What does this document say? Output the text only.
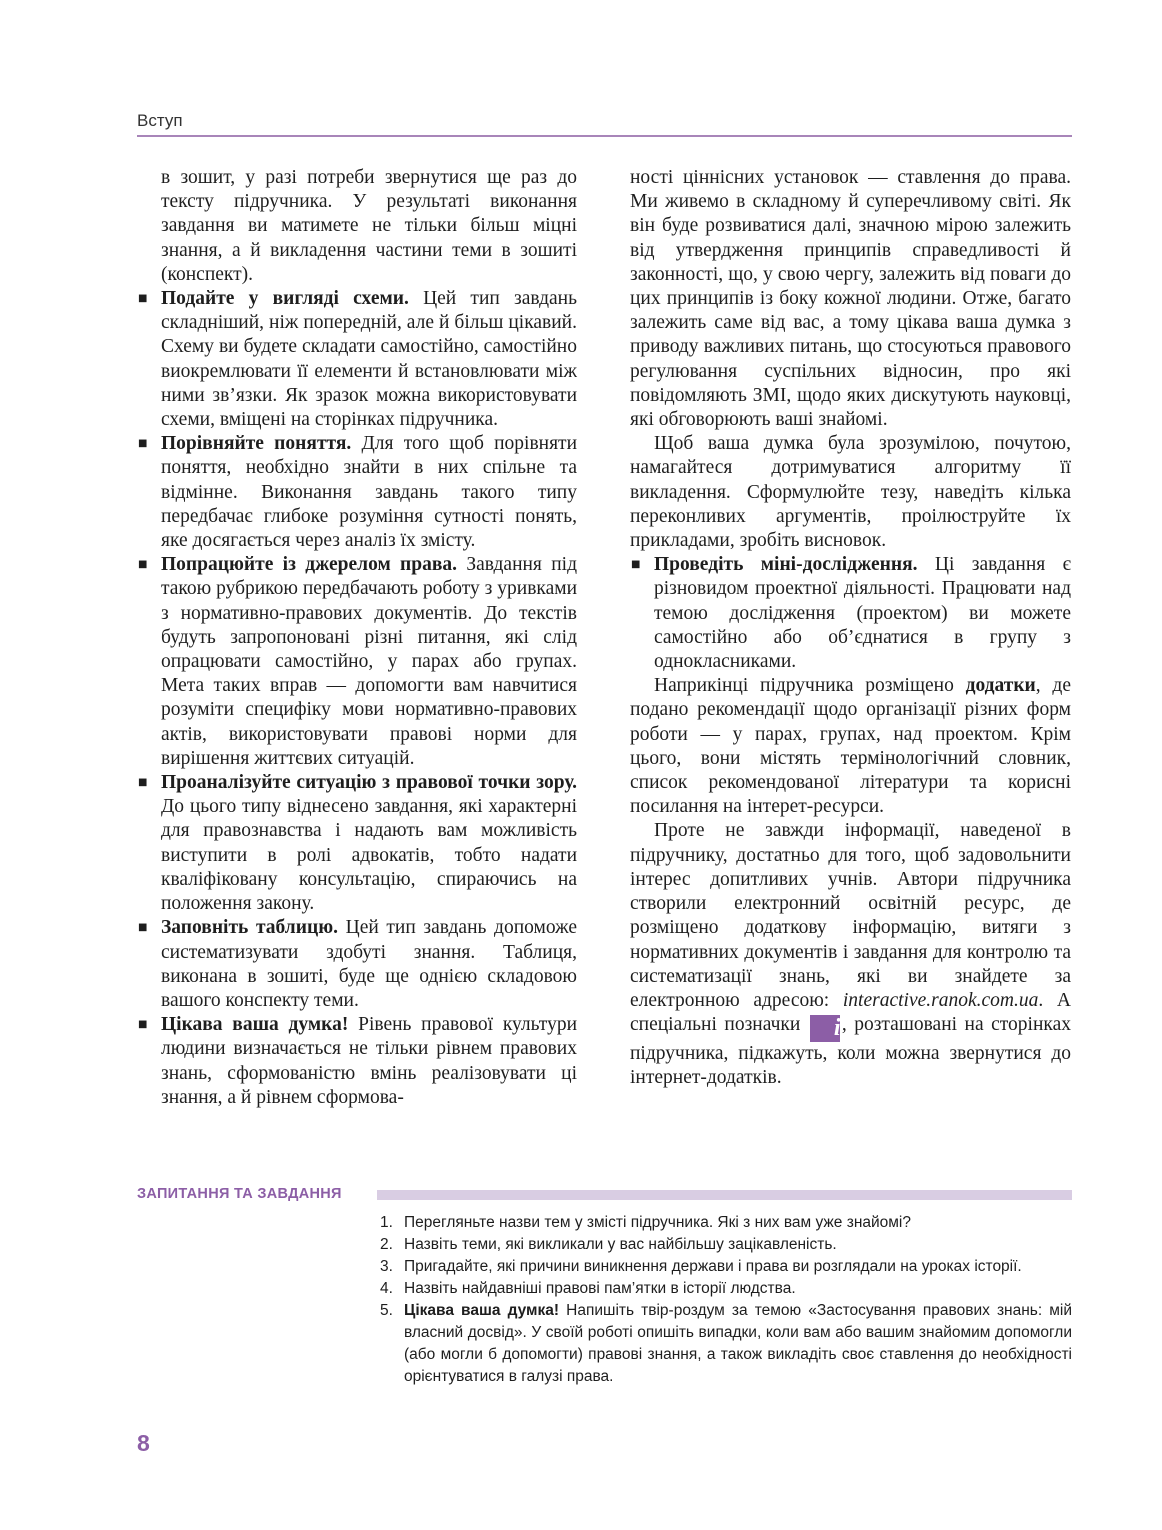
Вступ

в зошит, у разі потреби звернутися ще раз до тексту підручника. У результаті виконання завдання ви матимете не тільки більш міцні знання, а й викладення частини теми в зошиті (конспект).

■ Подайте у вигляді схеми. Цей тип завдань складніший, ніж попередній, але й більш цікавий. Схему ви будете складати самостійно, самостійно виокремлювати її елементи й встановлювати між ними зв’язки. Як зразок можна використовувати схеми, вміщені на сторінках підручника.

■ Порівняйте поняття. Для того щоб порівняти поняття, необхідно знайти в них спільне та відмінне. Виконання завдань такого типу передбачає глибоке розуміння сутності понять, яке досягається через аналіз їх змісту.

■ Попрацюйте із джерелом права. Завдання під такою рубрикою передбачають роботу з уривками з нормативно-правових документів. До текстів будуть запропоновані різні питання, які слід опрацювати самостійно, у парах або групах. Мета таких вправ — допомогти вам навчитися розуміти специфіку мови нормативно-правових актів, використовувати правові норми для вирішення життєвих ситуацій.

■ Проаналізуйте ситуацію з правової точки зору. До цього типу віднесено завдання, які характерні для правознавства і надають вам можливість виступити в ролі адвокатів, тобто надати кваліфіковану консультацію, спираючись на положення закону.

■ Заповніть таблицю. Цей тип завдань допоможе систематизувати здобуті знання. Таблиця, виконана в зошиті, буде ще однією складовою вашого конспекту теми.

■ Цікава ваша думка! Рівень правової культури людини визначається не тільки рівнем правових знань, сформованістю вмінь реалізовувати ці знання, а й рівнем сформова-

ності ціннісних установок — ставлення до права. Ми живемо в складному й суперечливому світі. Як він буде розвиватися далі, значною мірою залежить від утвердження принципів справедливості й законності, що, у свою чергу, залежить від поваги до цих принципів із боку кожної людини. Отже, багато залежить саме від вас, а тому цікава ваша думка з приводу важливих питань, що стосуються правового регулювання суспільних відносин, про які повідомляють ЗМІ, щодо яких дискутують науковці, які обговорюють ваші знайомі.

Щоб ваша думка була зрозумілою, почутою, намагайтеся дотримуватися алгоритму її викладення. Сформулюйте тезу, наведіть кілька переконливих аргументів, проілюструйте їх прикладами, зробіть висновок.

■ Проведіть міні-дослідження. Ці завдання є різновидом проектної діяльності. Працювати над темою дослідження (проектом) ви можете самостійно або об’єднатися в групу з однокласниками.

Наприкінці підручника розміщено додатки, де подано рекомендації щодо організації різних форм роботи — у парах, групах, над проектом. Крім цього, вони містять термінологічний словник, список рекомендованої літератури та корисні посилання на інтерет-ресурси.

Проте не завжди інформації, наведеної в підручнику, достатньо для того, щоб задовольнити інтерес допитливих учнів. Автори підручника створили електронний освітній ресурс, де розміщено додаткову інформацію, витяги з нормативних документів і завдання для контролю та систематизації знань, які ви знайдете за електронною адресою: interactive.ranok.com.ua. А спеціальні позначки i, розташовані на сторінках підручника, підкажуть, коли можна звернутися до інтернет-додатків.

ЗАПИТАННЯ ТА ЗАВДАННЯ
1. Перегляньте назви тем у змісті підручника. Які з них вам уже знайомі?
2. Назвіть теми, які викликали у вас найбільшу зацікавленість.
3. Пригадайте, які причини виникнення держави і права ви розглядали на уроках історії.
4. Назвіть найдавніші правові пам’ятки в історії людства.
5. Цікава ваша думка! Напишіть твір-роздум за темою «Застосування правових знань: мій власний досвід». У своїй роботі опишіть випадки, коли вам або вашим знайомим допомогли (або могли б допомогти) правові знання, а також викладіть своє ставлення до необхідності орієнтуватися в галузі права.
8
